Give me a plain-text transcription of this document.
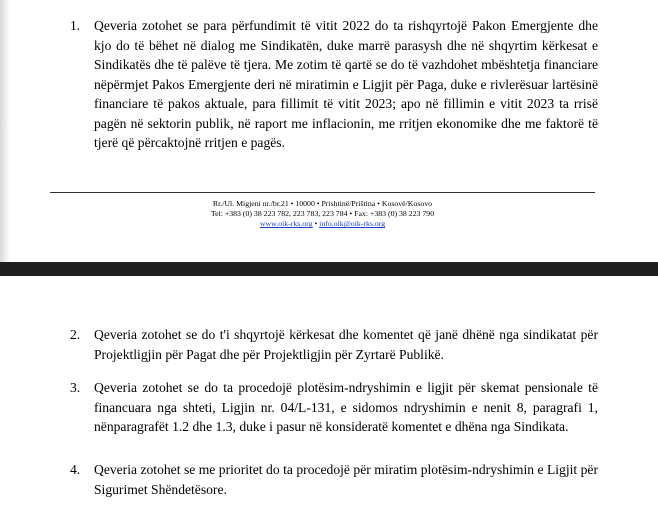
1.	Qeveria zotohet se para përfundimit të vitit 2022 do ta rishqyrtojë Pakon Emergjente dhe kjo do të bëhet në dialog me Sindikatën, duke marrë parasysh dhe në shqyrtim kërkesat e Sindikatës dhe të palëve të tjera. Me zotim të qartë se do të vazhdohet mbështetja financiare nëpërmjet Pakos Emergjente deri në miratimin e Ligjit për Paga, duke e rivlerësuar lartësinë financiare të pakos aktuale, para fillimit të vitit 2023; apo në fillimin e vitit 2023 ta rrisë pagën në sektorin publik, në raport me inflacionin, me rritjen ekonomike dhe me faktorë të tjerë që përcaktojnë rritjen e pagës.
Rr./Ul. Migjeni nr./br.21 • 10000 • Prishtinë/Priština • Kosovë/Kosovo
Tel: +383 (0) 38 223 782, 223 783, 223 784 • Fax: +383 (0) 38 223 790
www.oik-rks.org • info.oik@oik-rks.org
2.	Qeveria zotohet se do t'i shqyrtojë kërkesat dhe komentet që janë dhënë nga sindikatat për Projektligjin për Pagat dhe për Projektligjin për Zyrtarë Publikë.
3.	Qeveria zotohet se do ta procedojë plotësim-ndryshimin e ligjit për skemat pensionale të financuara nga shteti, Ligjin nr. 04/L-131, e sidomos ndryshimin e nenit 8, paragrafi 1, nënparagrafët 1.2 dhe 1.3, duke i pasur në konsideratë komentet e dhëna nga Sindikata.
4.	Qeveria zotohet se me prioritet do ta procedojë për miratim plotësim-ndryshimin e Ligjit për Sigurimet Shëndetësore.
